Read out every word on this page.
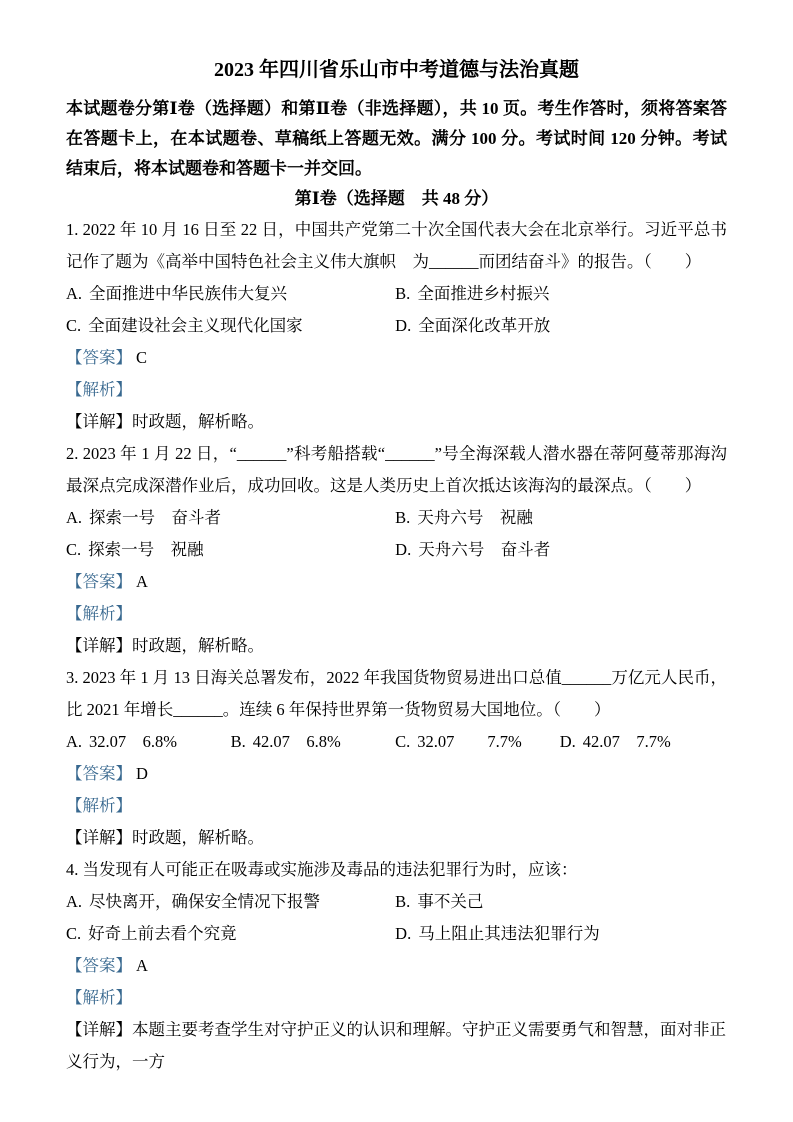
2023 年四川省乐山市中考道德与法治真题

本试题卷分第Ⅰ卷（选择题）和第Ⅱ卷（非选择题），共 10 页。考生作答时，须将答案答在答题卡上，在本试题卷、草稿纸上答题无效。满分 100 分。考试时间 120 分钟。考试结束后，将本试题卷和答题卡一并交回。

第Ⅰ卷（选择题　共 48 分）

1. 2022 年 10 月 16 日至 22 日，中国共产党第二十次全国代表大会在北京举行。习近平总书记作了题为《高举中国特色社会主义伟大旗帜　为______而团结奋斗》的报告。（　　）

A. 全面推进中华民族伟大复兴	B. 全面推进乡村振兴
C. 全面建设社会主义现代化国家	D. 全面深化改革开放

【答案】 C

【解析】

【详解】时政题，解析略。

2. 2023 年 1 月 22 日，“______”科考船搭载“______”号全海深载人潜水器在蒂阿蔓蒂那海沟最深点完成深潜作业后，成功回收。这是人类历史上首次抵达该海沟的最深点。（　　）

A. 探索一号　奋斗者	B. 天舟六号　祝融
C. 探索一号　祝融	D. 天舟六号　奋斗者

【答案】 A

【解析】

【详解】时政题，解析略。

3. 2023 年 1 月 13 日海关总署发布，2022 年我国货物贸易进出口总值______万亿元人民币，比 2021 年增长______。连续 6 年保持世界第一货物贸易大国地位。（　　）

A. 32.07　6.8%	B. 42.07　6.8%	C. 32.07　　7.7%	D. 42.07　7.7%

【答案】 D

【解析】

【详解】时政题，解析略。

4. 当发现有人可能正在吸毒或实施涉及毒品的违法犯罪行为时，应该：

A. 尽快离开，确保安全情况下报警	B. 事不关己
C. 好奇上前去看个究竟	D. 马上阻止其违法犯罪行为

【答案】 A

【解析】

【详解】本题主要考查学生对守护正义的认识和理解。守护正义需要勇气和智慧，面对非正义行为，一方
